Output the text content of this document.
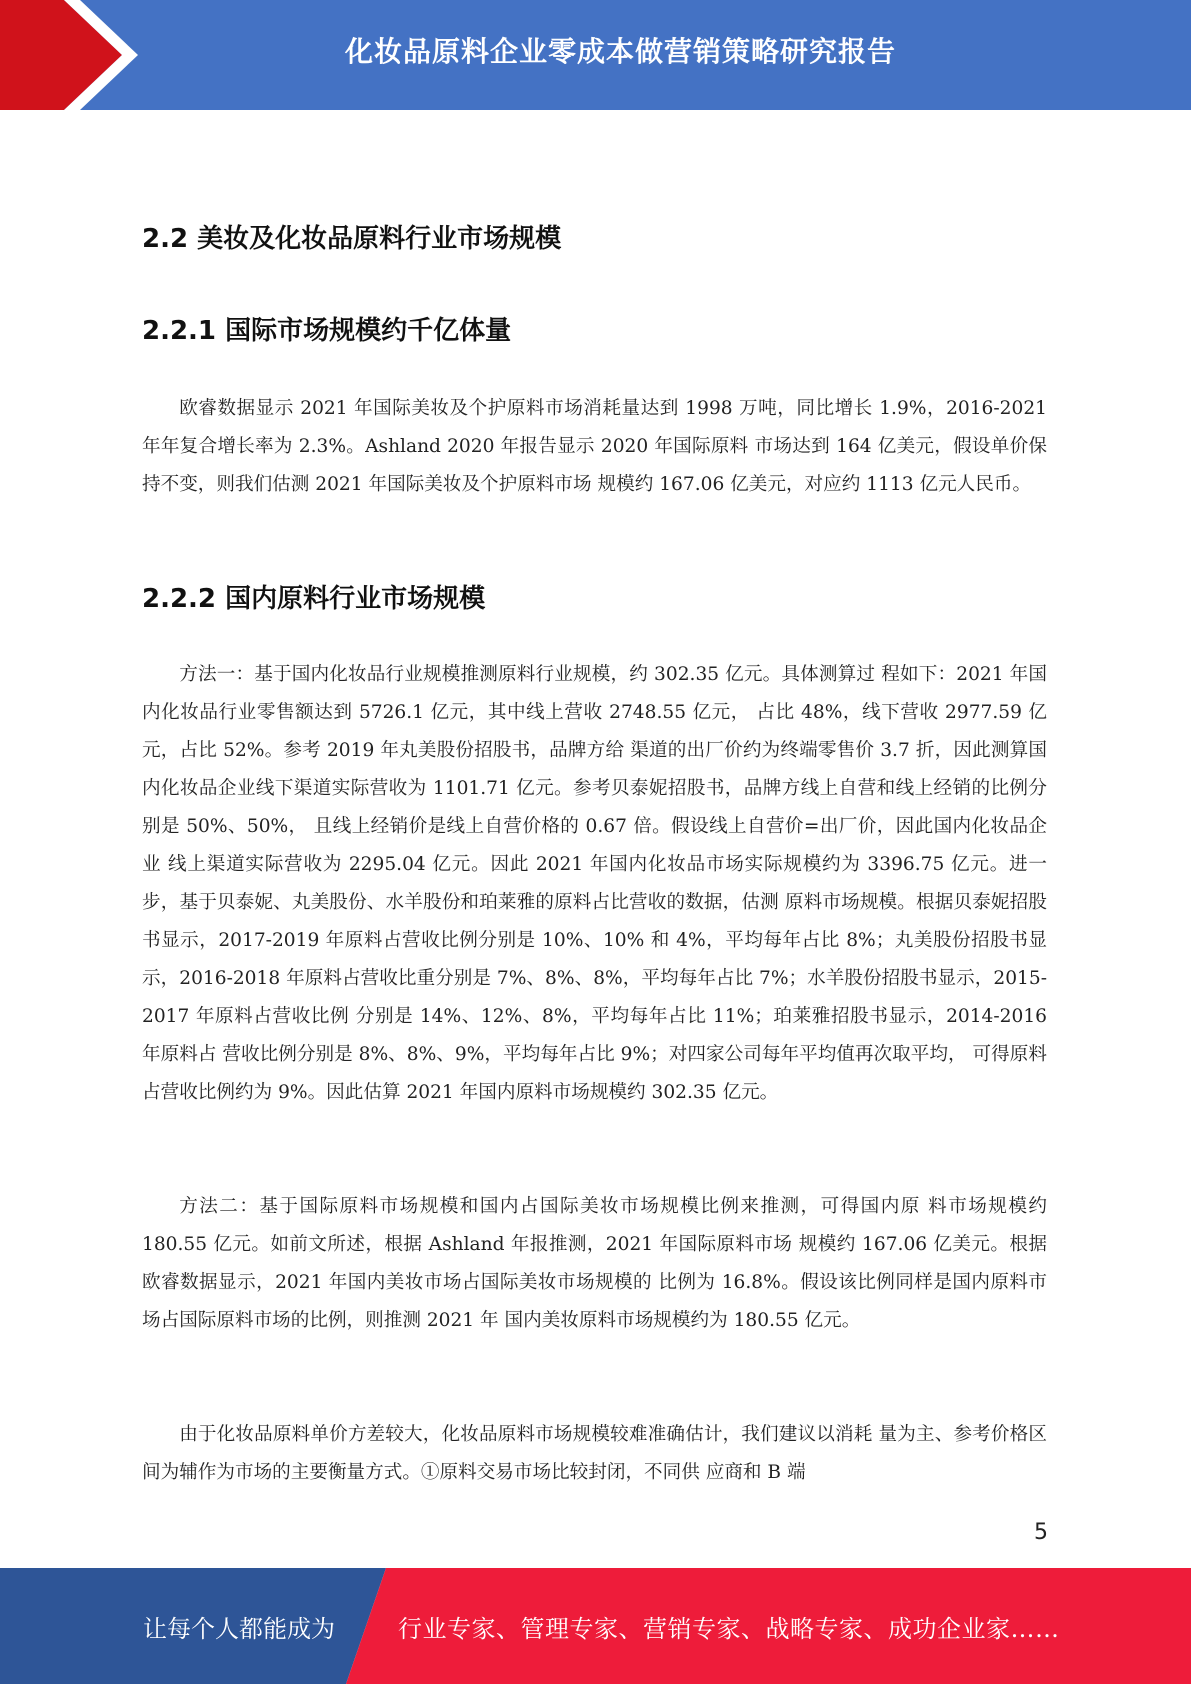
化妆品原料企业零成本做营销策略研究报告
2.2 美妆及化妆品原料行业市场规模
2.2.1 国际市场规模约千亿体量

欧睿数据显示 2021 年国际美妆及个护原料市场消耗量达到 1998 万吨，同比增长 1.9%，2016-2021 年年复合增长率为 2.3%。Ashland 2020 年报告显示 2020 年国际原料 市场达到 164 亿美元，假设单价保持不变，则我们估测 2021 年国际美妆及个护原料市场 规模约 167.06 亿美元，对应约 1113 亿元人民币。

2.2.2 国内原料行业市场规模

方法一：基于国内化妆品行业规模推测原料行业规模，约 302.35 亿元。具体测算过 程如下：2021 年国内化妆品行业零售额达到 5726.1 亿元，其中线上营收 2748.55 亿元， 占比 48%，线下营收 2977.59 亿元，占比 52%。参考 2019 年丸美股份招股书，品牌方给 渠道的出厂价约为终端零售价 3.7 折，因此测算国内化妆品企业线下渠道实际营收为 1101.71 亿元。参考贝泰妮招股书，品牌方线上自营和线上经销的比例分别是 50%、50%， 且线上经销价是线上自营价格的 0.67 倍。假设线上自营价=出厂价，因此国内化妆品企业 线上渠道实际营收为 2295.04 亿元。因此 2021 年国内化妆品市场实际规模约为 3396.75 亿元。进一步，基于贝泰妮、丸美股份、水羊股份和珀莱雅的原料占比营收的数据，估测 原料市场规模。根据贝泰妮招股书显示，2017-2019 年原料占营收比例分别是 10%、10% 和 4%，平均每年占比 8%；丸美股份招股书显示，2016-2018 年原料占营收比重分别是 7%、8%、8%，平均每年占比 7%；水羊股份招股书显示，2015-2017 年原料占营收比例 分别是 14%、12%、8%，平均每年占比 11%；珀莱雅招股书显示，2014-2016 年原料占 营收比例分别是 8%、8%、9%，平均每年占比 9%；对四家公司每年平均值再次取平均， 可得原料占营收比例约为 9%。因此估算 2021 年国内原料市场规模约 302.35 亿元。

方法二：基于国际原料市场规模和国内占国际美妆市场规模比例来推测，可得国内原 料市场规模约 180.55 亿元。如前文所述，根据 Ashland 年报推测，2021 年国际原料市场 规模约 167.06 亿美元。根据欧睿数据显示，2021 年国内美妆市场占国际美妆市场规模的 比例为 16.8%。假设该比例同样是国内原料市场占国际原料市场的比例，则推测 2021 年 国内美妆原料市场规模约为 180.55 亿元。

由于化妆品原料单价方差较大，化妆品原料市场规模较难准确估计，我们建议以消耗 量为主、参考价格区间为辅作为市场的主要衡量方式。①原料交易市场比较封闭，不同供 应商和 B 端

5
让每个人都能成为	行业专家、管理专家、营销专家、战略专家、成功企业家……
